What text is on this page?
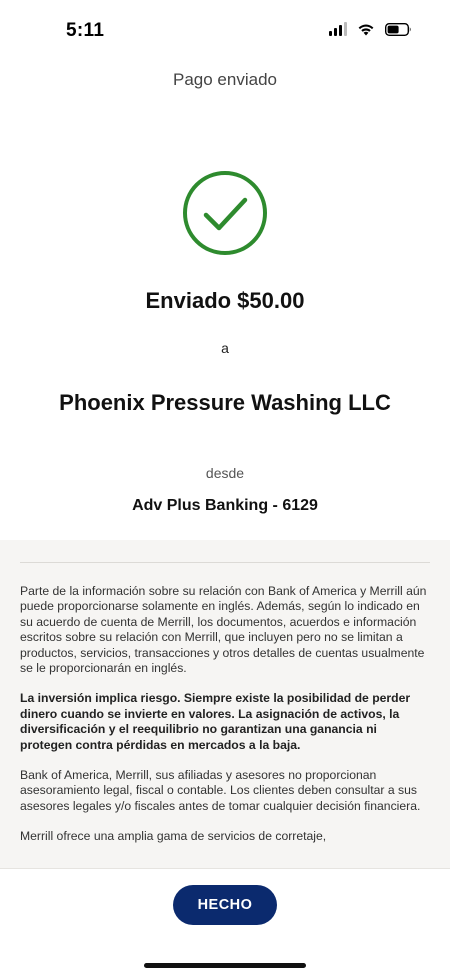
5:11
Pago enviado
Enviado $50.00
a
Phoenix Pressure Washing LLC
desde
Adv Plus Banking - 6129

Parte de la información sobre su relación con Bank of America y Merrill aún puede proporcionarse solamente en inglés. Además, según lo indicado en su acuerdo de cuenta de Merrill, los documentos, acuerdos e información escritos sobre su relación con Merrill, que incluyen pero no se limitan a productos, servicios, transacciones y otros detalles de cuentas usualmente se le proporcionarán en inglés.

La inversión implica riesgo. Siempre existe la posibilidad de perder dinero cuando se invierte en valores. La asignación de activos, la diversificación y el reequilibrio no garantizan una ganancia ni protegen contra pérdidas en mercados a la baja.

Bank of America, Merrill, sus afiliadas y asesores no proporcionan asesoramiento legal, fiscal o contable. Los clientes deben consultar a sus asesores legales y/o fiscales antes de tomar cualquier decisión financiera.

Merrill ofrece una amplia gama de servicios de corretaje,

HECHO
